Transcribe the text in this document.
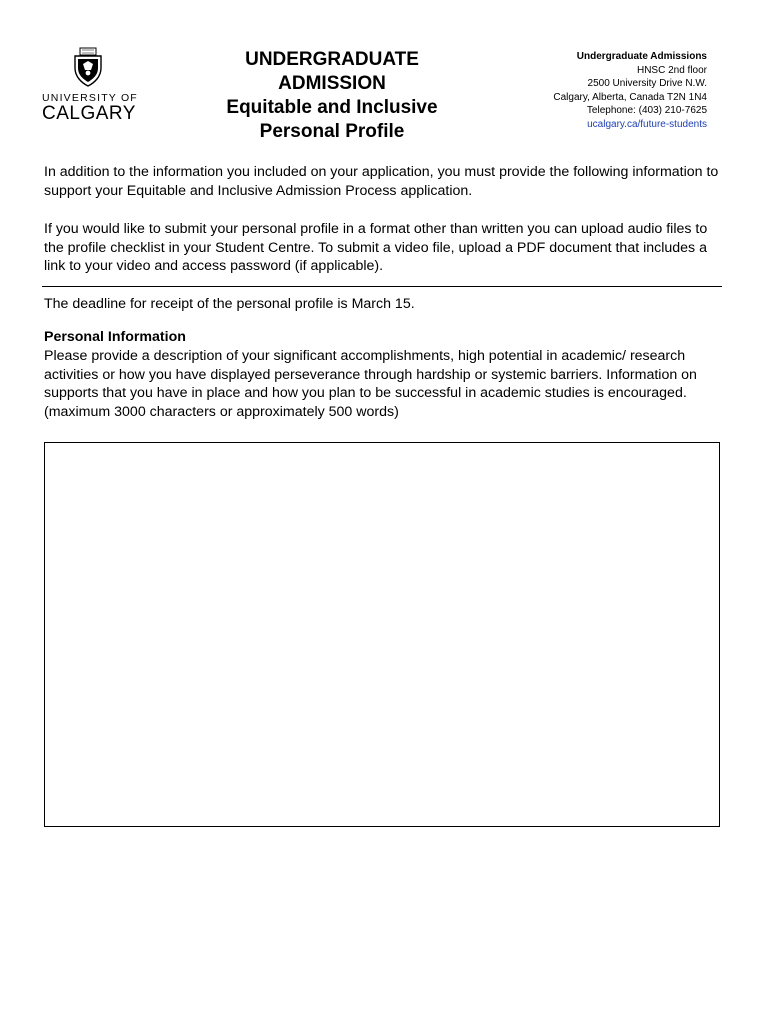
UNIVERSITY OF
CALGARY
UNDERGRADUATE
ADMISSION
Equitable and Inclusive
Personal Profile
Undergraduate Admissions
HNSC 2nd floor
2500 University Drive N.W.
Calgary, Alberta, Canada T2N 1N4
Telephone: (403) 210-7625
ucalgary.ca/future-students
In addition to the information you included on your application, you must provide the following information to support your Equitable and Inclusive Admission Process application.
If you would like to submit your personal profile in a format other than written you can upload audio files to the profile checklist in your Student Centre. To submit a video file, upload a PDF document that includes a link to your video and access password (if applicable).
The deadline for receipt of the personal profile is March 15.
Personal Information
Please provide a description of your significant accomplishments, high potential in academic/ research activities or how you have displayed perseverance through hardship or systemic barriers. Information on supports that you have in place and how you plan to be successful in academic studies is encouraged. (maximum 3000 characters or approximately 500 words)
